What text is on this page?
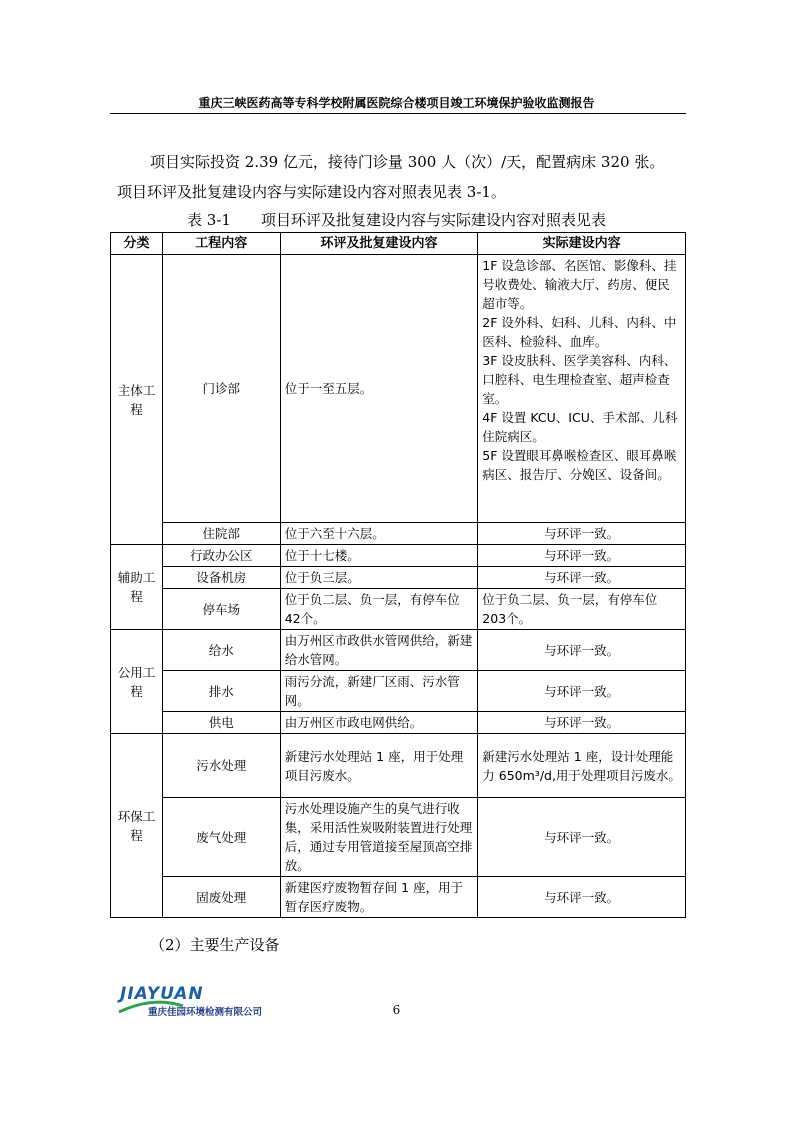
重庆三峡医药高等专科学校附属医院综合楼项目竣工环境保护验收监测报告
项目实际投资 2.39 亿元，接待门诊量 300 人（次）/天，配置病床 320 张。
项目环评及批复建设内容与实际建设内容对照表见表 3-1。
表 3-1　　项目环评及批复建设内容与实际建设内容对照表见表
分类	工程内容	环评及批复建设内容	实际建设内容
主体工程	门诊部	位于一至五层。	1F 设急诊部、名医馆、影像科、挂号收费处、输液大厅、药房、便民超市等。
2F 设外科、妇科、儿科、内科、中医科、检验科、血库。
3F 设皮肤科、医学美容科、内科、口腔科、电生理检查室、超声检查室。
4F 设置 KCU、ICU、手术部、儿科住院病区。
5F 设置眼耳鼻喉检查区、眼耳鼻喉病区、报告厅、分娩区、设备间。

	住院部	位于六至十六层。	与环评一致。
辅助工程	行政办公区	位于十七楼。	与环评一致。
	设备机房	位于负三层。	与环评一致。
	停车场	位于负二层、负一层，有停车位42个。	位于负二层、负一层，有停车位203个。
公用工程	给水	由万州区市政供水管网供给，新建给水管网。	与环评一致。
	排水	雨污分流，新建厂区雨、污水管网。	与环评一致。
	供电	由万州区市政电网供给。	与环评一致。
环保工程	污水处理	新建污水处理站 1 座，用于处理项目污废水。	新建污水处理站 1 座，设计处理能力 650m³/d,用于处理项目污废水。
	废气处理	污水处理设施产生的臭气进行收集，采用活性炭吸附装置进行处理后，通过专用管道接至屋顶高空排放。	与环评一致。
	固废处理	新建医疗废物暂存间 1 座，用于暂存医疗废物。	与环评一致。
（2）主要生产设备
JIAYUAN
重庆佳园环境检测有限公司	6
